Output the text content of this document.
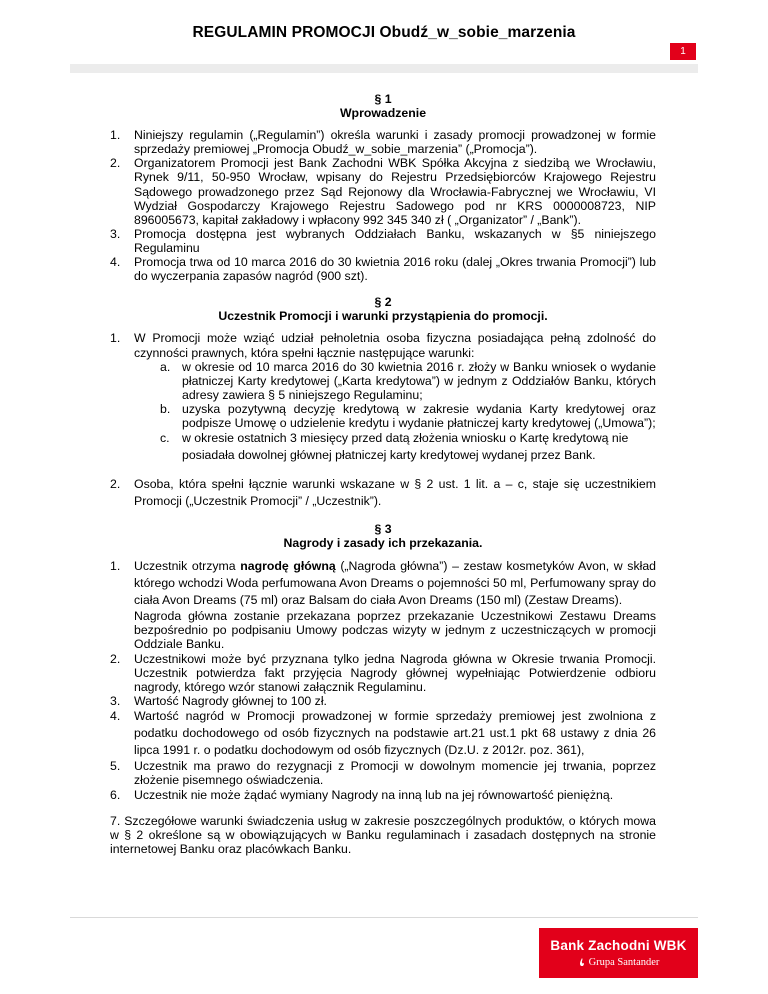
REGULAMIN PROMOCJI Obudź_w_sobie_marzenia
1

§ 1

Wprowadzenie

1. Niniejszy regulamin („Regulamin”) określa warunki i zasady promocji prowadzonej w formie sprzedaży premiowej „Promocja Obudź_w_sobie_marzenia” („Promocja”).
2. Organizatorem Promocji jest Bank Zachodni WBK Spółka Akcyjna z siedzibą we Wrocławiu, Rynek 9/11, 50-950 Wrocław, wpisany do Rejestru Przedsiębiorców Krajowego Rejestru Sądowego prowadzonego przez Sąd Rejonowy dla Wrocławia-Fabrycznej we Wrocławiu, VI Wydział Gospodarczy Krajowego Rejestru Sadowego pod nr KRS 0000008723, NIP 896005673, kapitał zakładowy i wpłacony 992 345 340 zł ( „Organizator” / „Bank”).
3. Promocja dostępna jest wybranych Oddziałach Banku, wskazanych w §5 niniejszego Regulaminu
4. Promocja trwa od 10 marca 2016 do 30 kwietnia 2016 roku (dalej „Okres trwania Promocji”) lub do wyczerpania zapasów nagród (900 szt).

§ 2

Uczestnik Promocji i warunki przystąpienia do promocji.

1. W Promocji może wziąć udział pełnoletnia osoba fizyczna posiadająca pełną zdolność do czynności prawnych, która spełni łącznie następujące warunki:
a. w okresie od 10 marca 2016 do 30 kwietnia 2016 r. złoży w Banku wniosek o wydanie płatniczej Karty kredytowej („Karta kredytowa”) w jednym z Oddziałów Banku, których adresy zawiera § 5 niniejszego Regulaminu;
b. uzyska pozytywną decyzję kredytową w zakresie wydania Karty kredytowej oraz podpisze Umowę o udzielenie kredytu i wydanie płatniczej karty kredytowej („Umowa”);
c. w okresie ostatnich 3 miesięcy przed datą złożenia wniosku o Kartę kredytową nie
posiadała dowolnej głównej płatniczej karty kredytowej wydanej przez Bank.
2. Osoba, która spełni łącznie warunki wskazane w § 2 ust. 1 lit. a – c, staje się uczestnikiem Promocji („Uczestnik Promocji” / „Uczestnik”).

§ 3

Nagrody i zasady ich przekazania.

1. Uczestnik otrzyma nagrodę główną („Nagroda główna”) – zestaw kosmetyków Avon, w skład którego wchodzi Woda perfumowana Avon Dreams o pojemności 50 ml, Perfumowany spray do ciała Avon Dreams (75 ml) oraz Balsam do ciała Avon Dreams (150 ml) (Zestaw Dreams).
Nagroda główna zostanie przekazana poprzez przekazanie Uczestnikowi Zestawu Dreams bezpośrednio po podpisaniu Umowy podczas wizyty w jednym z uczestniczących w promocji Oddziale Banku.
2. Uczestnikowi może być przyznana tylko jedna Nagroda główna w Okresie trwania Promocji. Uczestnik potwierdza fakt przyjęcia Nagrody głównej wypełniając Potwierdzenie odbioru nagrody, którego wzór stanowi załącznik Regulaminu.
3. Wartość Nagrody głównej to 100 zł.
4. Wartość nagród w Promocji prowadzonej w formie sprzedaży premiowej jest zwolniona z podatku dochodowego od osób fizycznych na podstawie art.21 ust.1 pkt 68 ustawy z dnia 26 lipca 1991 r. o podatku dochodowym od osób fizycznych (Dz.U. z 2012r. poz. 361),
5. Uczestnik ma prawo do rezygnacji z Promocji w dowolnym momencie jej trwania, poprzez złożenie pisemnego oświadczenia.
6. Uczestnik nie może żądać wymiany Nagrody na inną lub na jej równowartość pieniężną.
7. Szczegółowe warunki świadczenia usług w zakresie poszczególnych produktów, o których mowa w § 2 określone są w obowiązujących w Banku regulaminach i zasadach dostępnych na stronie internetowej Banku oraz placówkach Banku.
Bank Zachodni WBK
Grupa Santander
